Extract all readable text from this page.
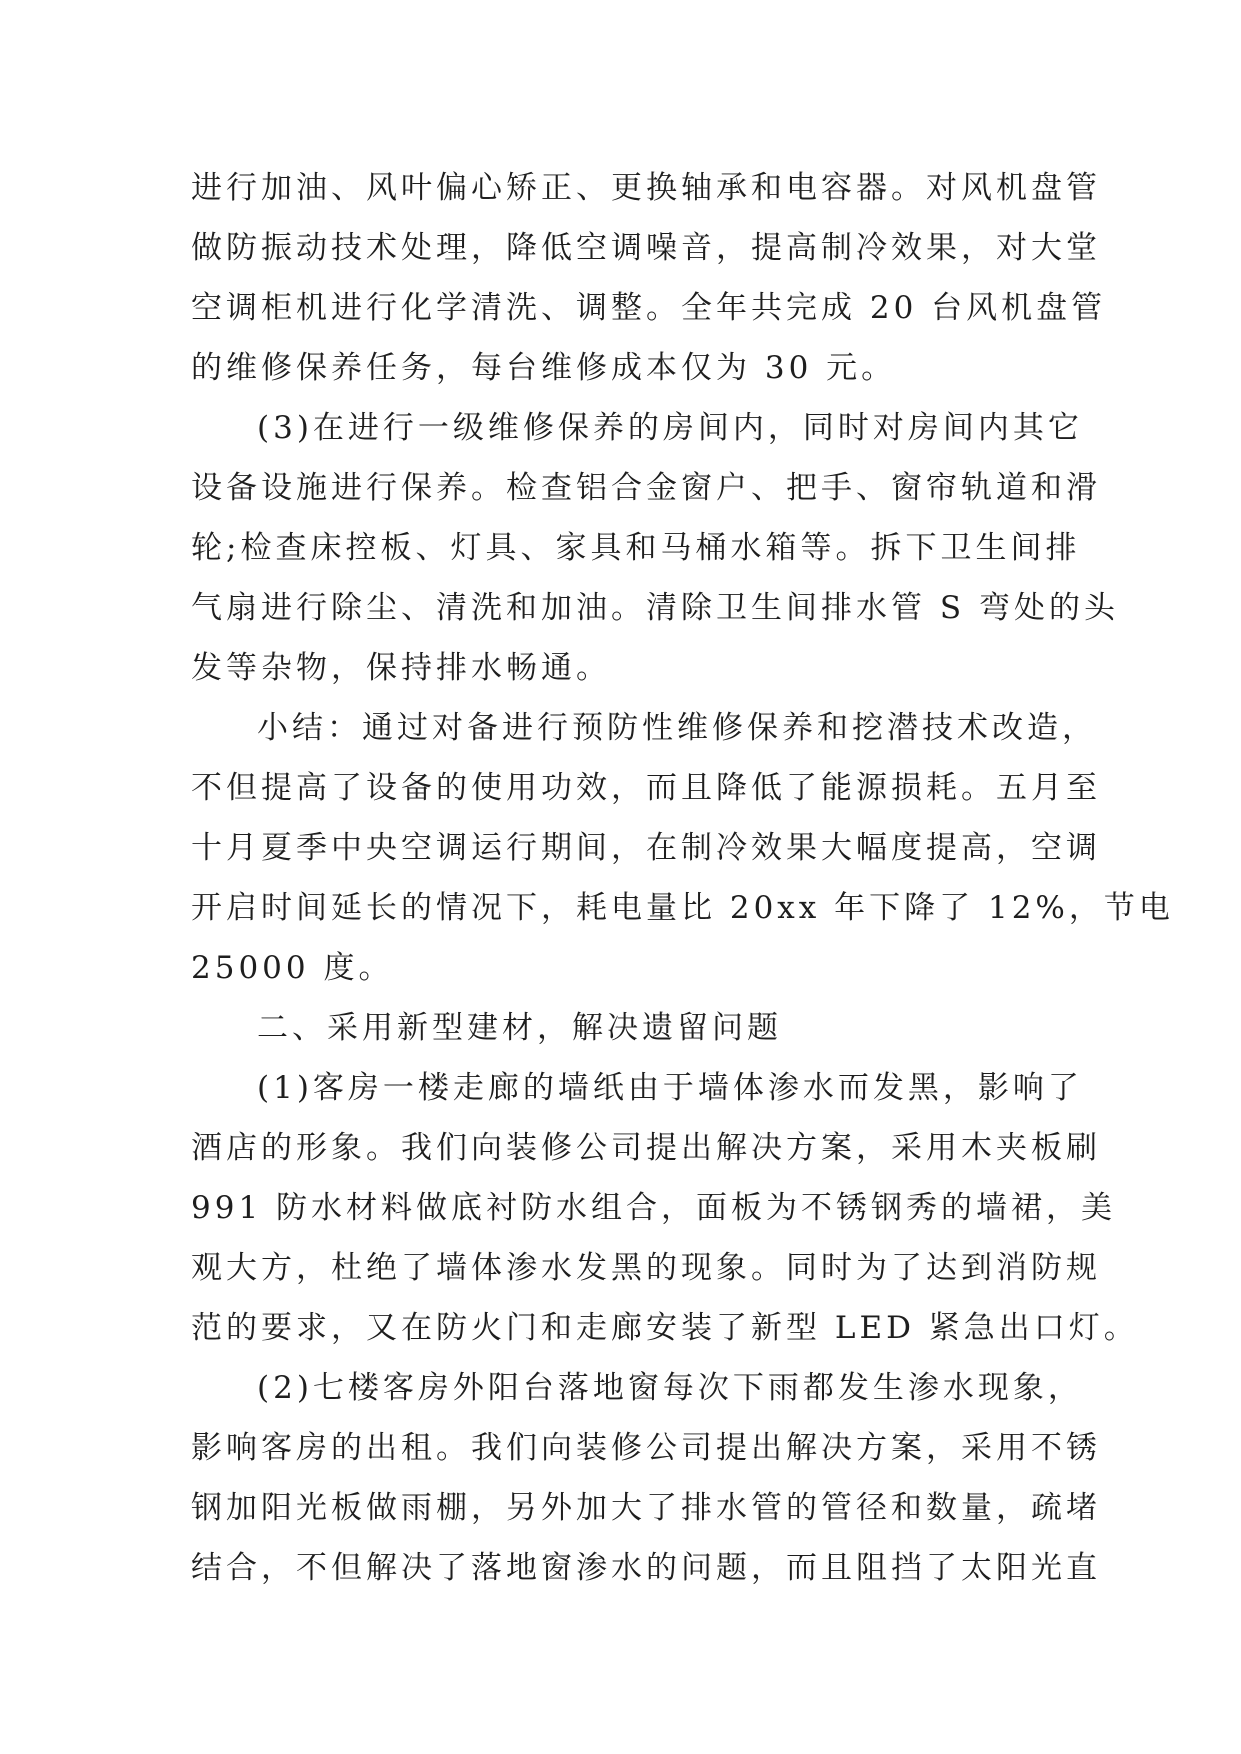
进行加油、风叶偏心矫正、更换轴承和电容器。对风机盘管
做防振动技术处理，降低空调噪音，提高制冷效果，对大堂
空调柜机进行化学清洗、调整。全年共完成 20 台风机盘管
的维修保养任务，每台维修成本仅为 30 元。
(3)在进行一级维修保养的房间内，同时对房间内其它
设备设施进行保养。检查铝合金窗户、把手、窗帘轨道和滑
轮;检查床控板、灯具、家具和马桶水箱等。拆下卫生间排
气扇进行除尘、清洗和加油。清除卫生间排水管 S 弯处的头
发等杂物，保持排水畅通。
小结：通过对备进行预防性维修保养和挖潜技术改造，
不但提高了设备的使用功效，而且降低了能源损耗。五月至
十月夏季中央空调运行期间，在制冷效果大幅度提高，空调
开启时间延长的情况下，耗电量比 20xx 年下降了 12%，节电
25000 度。
二、采用新型建材，解决遗留问题
(1)客房一楼走廊的墙纸由于墙体渗水而发黑，影响了
酒店的形象。我们向装修公司提出解决方案，采用木夹板刷
991 防水材料做底衬防水组合，面板为不锈钢秀的墙裙，美
观大方，杜绝了墙体渗水发黑的现象。同时为了达到消防规
范的要求，又在防火门和走廊安装了新型 LED 紧急出口灯。
(2)七楼客房外阳台落地窗每次下雨都发生渗水现象，
影响客房的出租。我们向装修公司提出解决方案，采用不锈
钢加阳光板做雨棚，另外加大了排水管的管径和数量，疏堵
结合，不但解决了落地窗渗水的问题，而且阻挡了太阳光直
